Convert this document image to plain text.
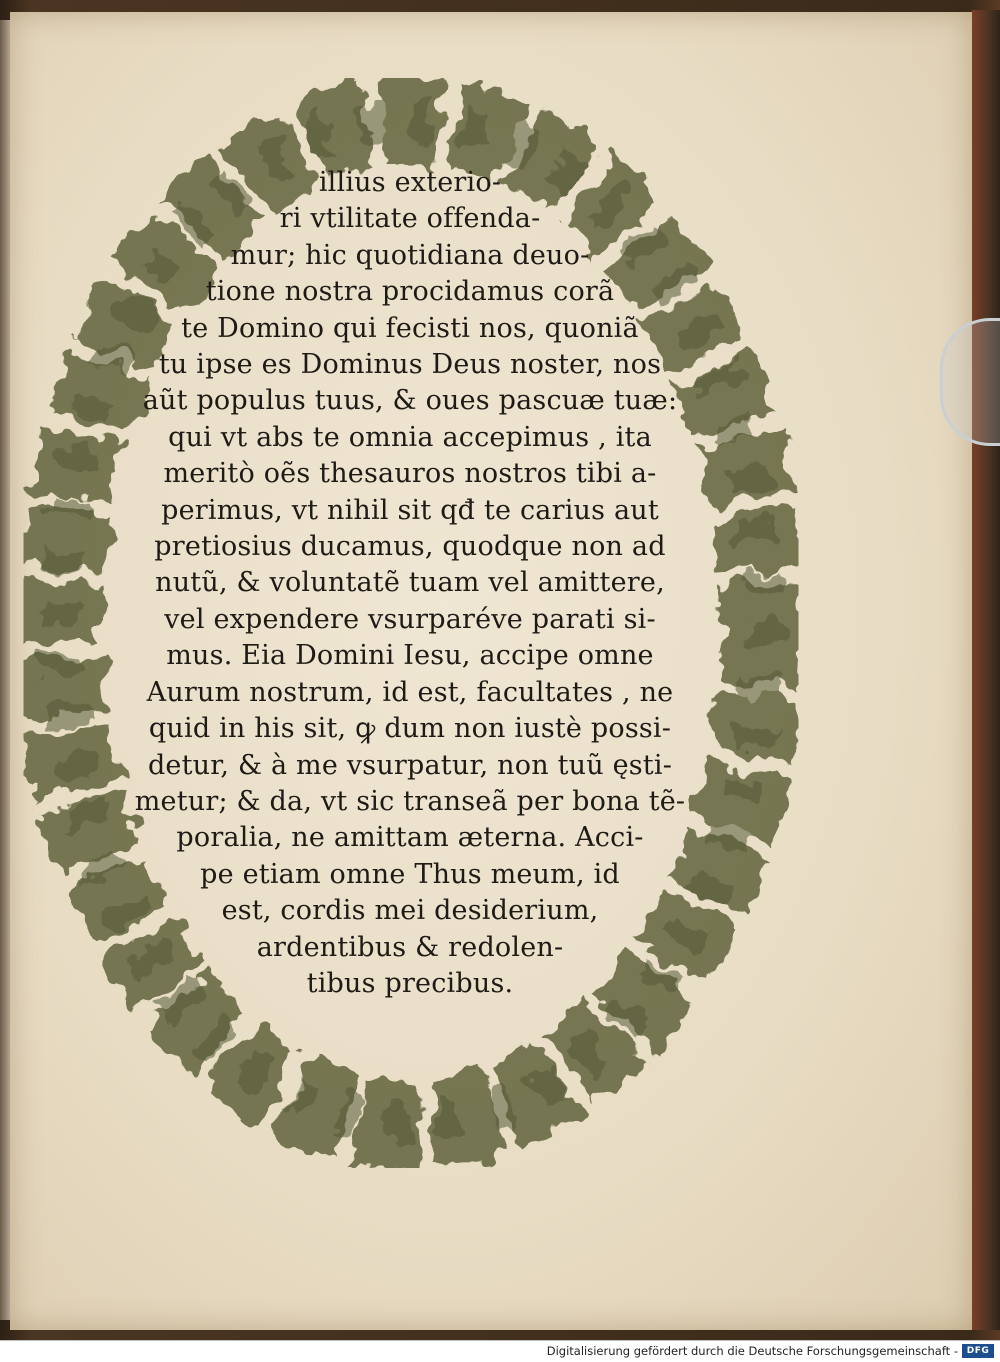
illius exterio-
ri vtilitate offenda-
mur; hic quotidiana deuo-
tione nostra procidamus corã
te Domino qui fecisti nos, quoniã
tu ipse es Dominus Deus noster, nos
aũt populus tuus, & oues pascuæ tuæ:
qui vt abs te omnia accepimus , ita
meritò oẽs thesauros nostros tibi a-
perimus, vt nihil sit qđ te carius aut
pretiosius ducamus, quodque non ad
nutũ, & voluntatẽ tuam vel amittere,
vel expendere vsurparéve parati si-
mus. Eia Domini Iesu, accipe omne
Aurum nostrum, id est, facultates , ne
quid in his sit, ꝙ dum non iustè possi-
detur, & à me vsurpatur, non tuũ ęsti-
metur; & da, vt sic transeã per bona tẽ-
poralia, ne amittam æterna. Acci-
pe etiam omne Thus meum, id
est, cordis mei desiderium,
ardentibus & redolen-
tibus precibus.
Digitalisierung gefördert durch die Deutsche Forschungsgemeinschaft - DFG
